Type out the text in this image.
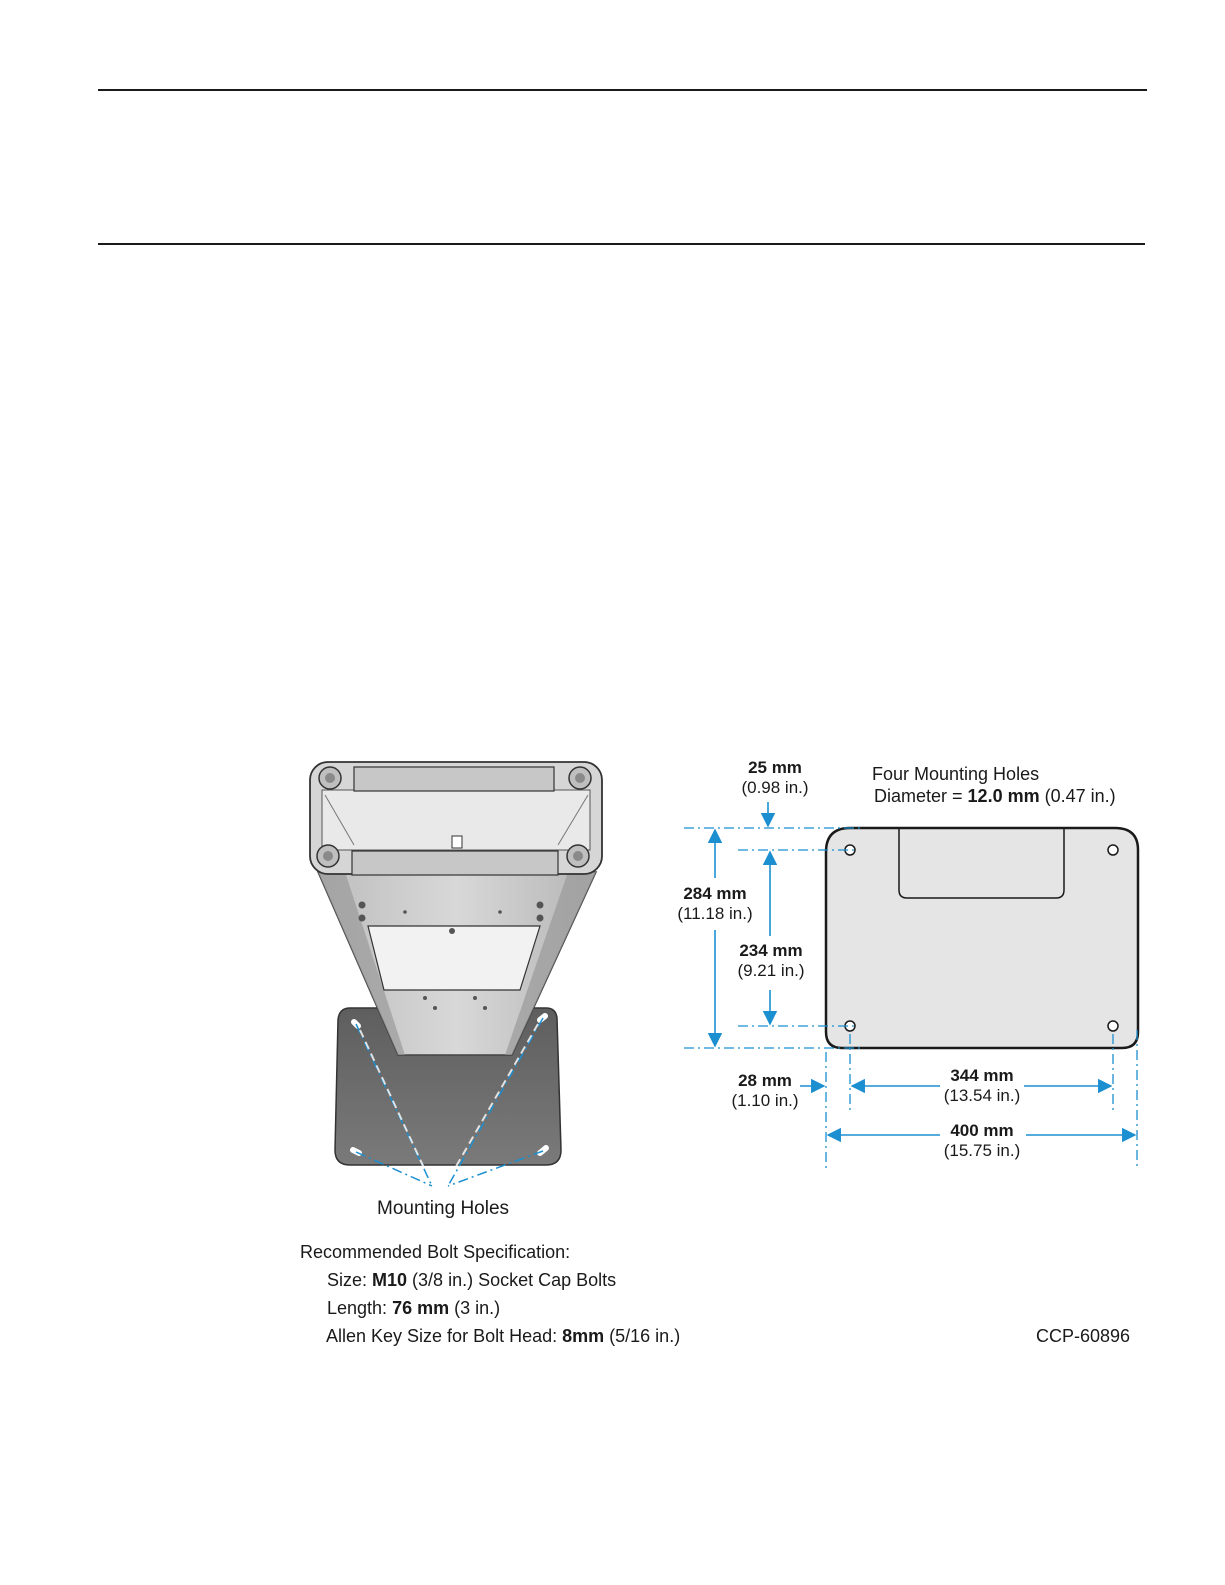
Mounting Holes
Four Mounting Holes
Diameter = 12.0 mm (0.47 in.)
25 mm
(0.98 in.)
284 mm
(11.18 in.)
234 mm
(9.21 in.)
28 mm
(1.10 in.)
344 mm
(13.54 in.)
400 mm
(15.75 in.)
Recommended Bolt Specification:
Size: M10 (3/8 in.) Socket Cap Bolts
Length: 76 mm (3 in.)
Allen Key Size for Bolt Head: 8mm (5/16 in.)	CCP-60896
